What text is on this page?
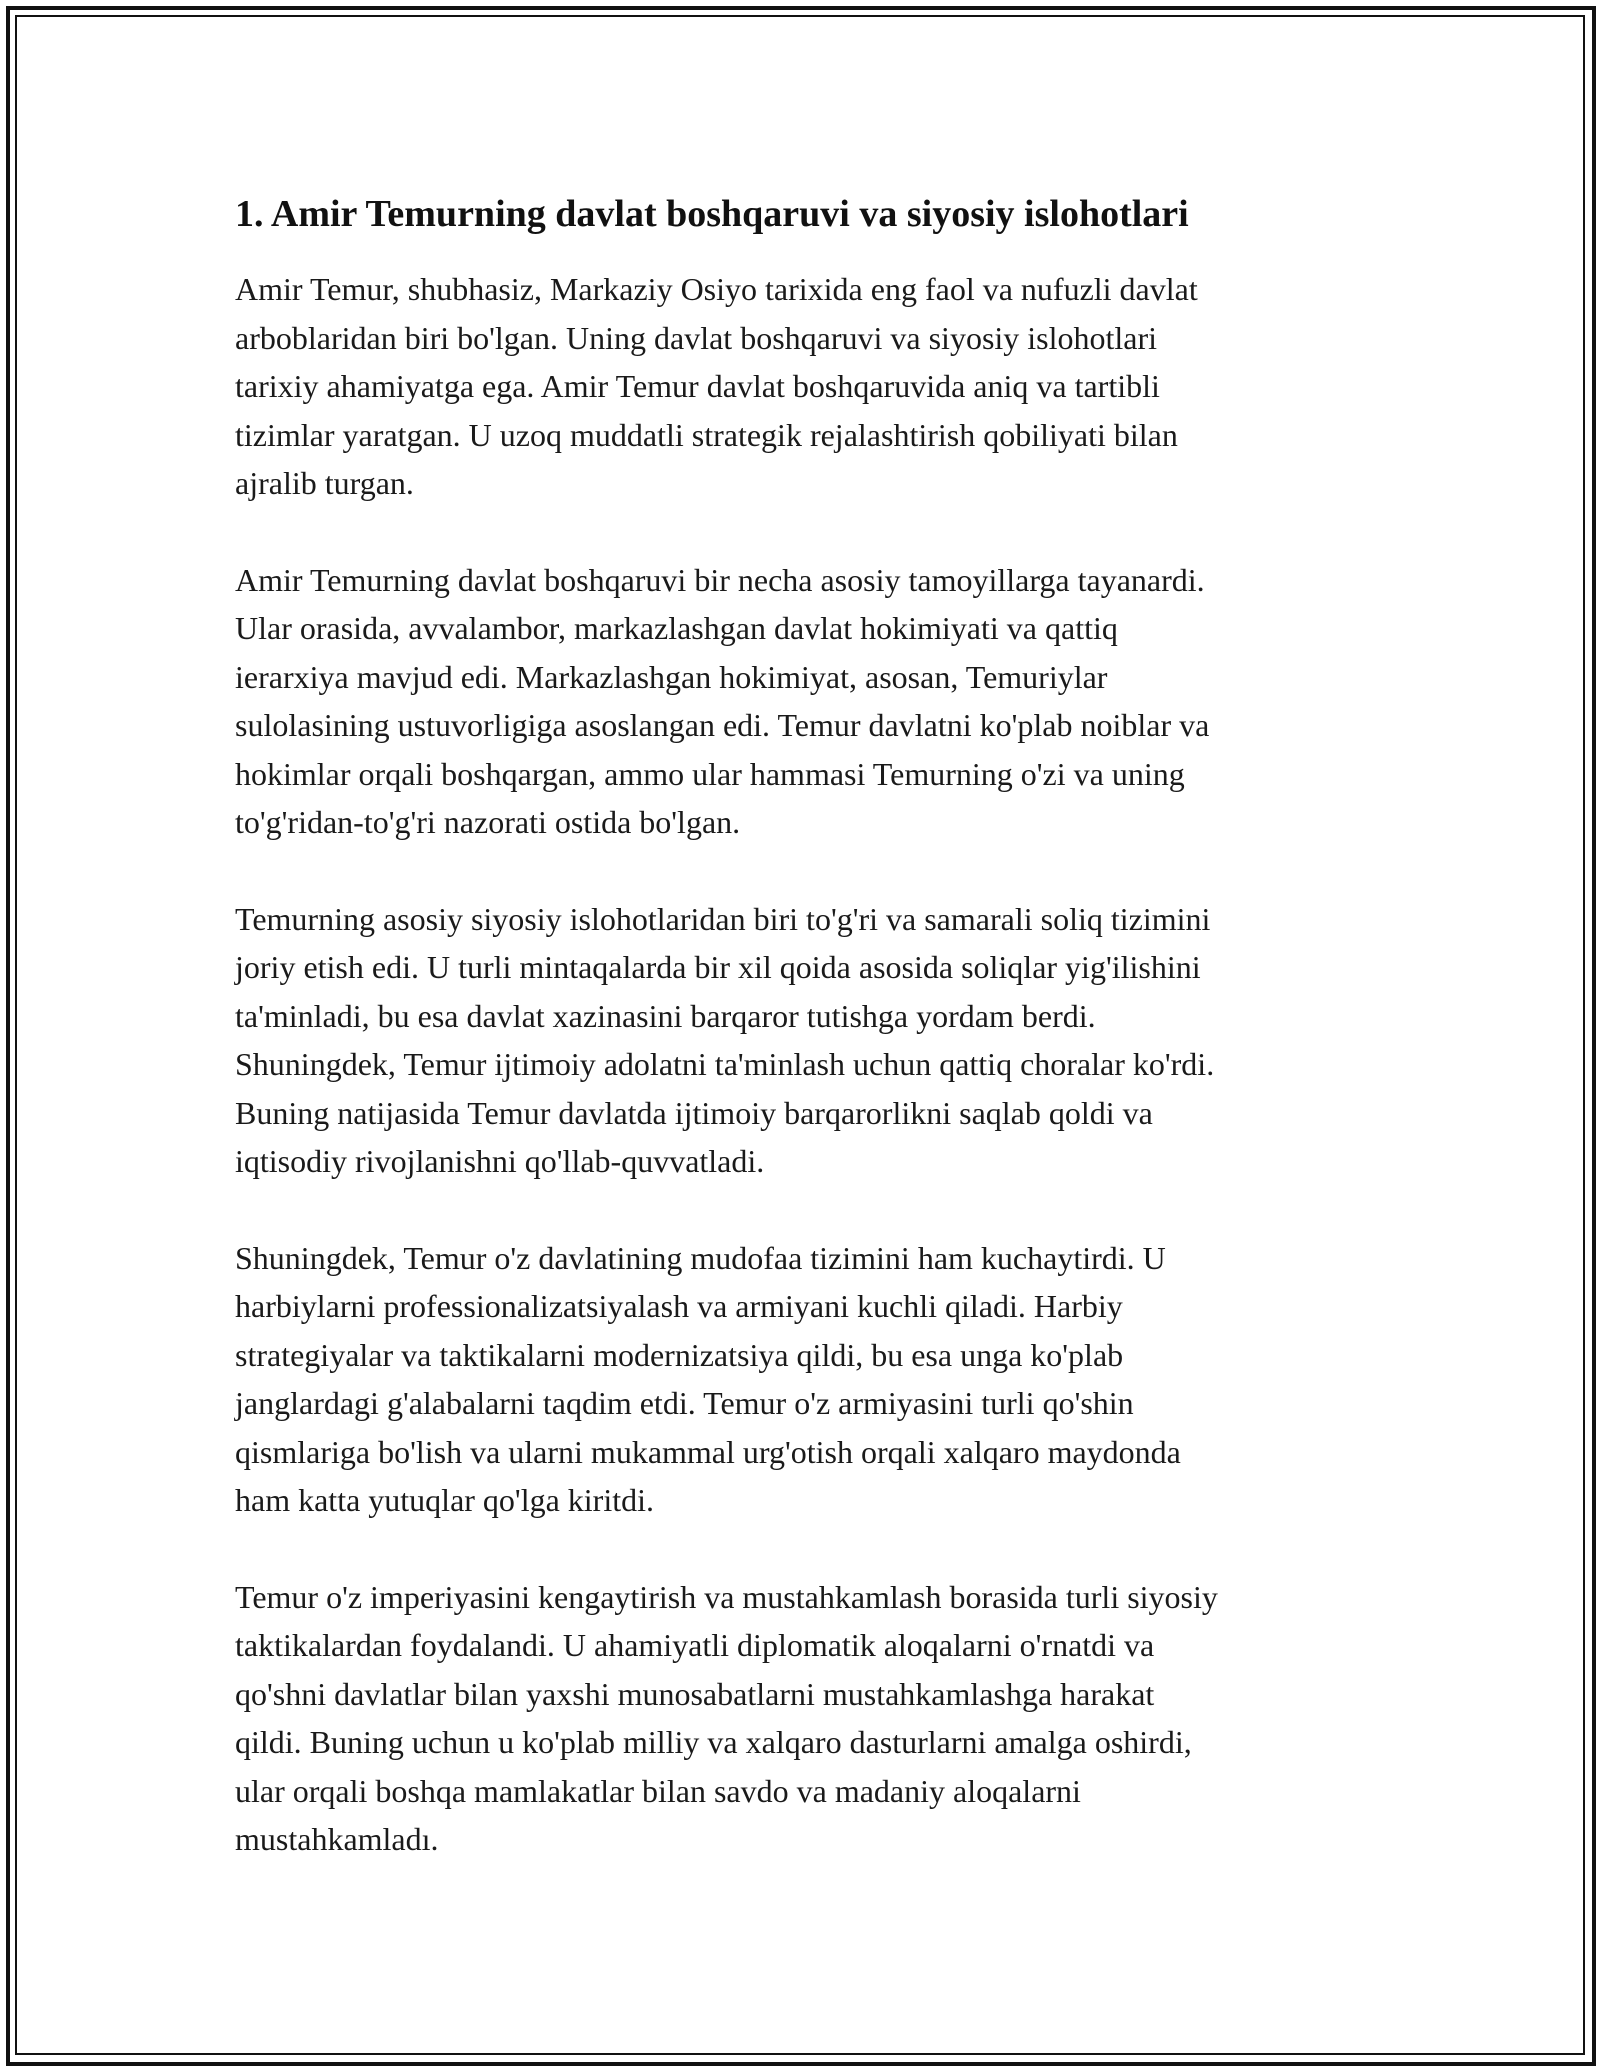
1. Amir Temurning davlat boshqaruvi va siyosiy islohotlari

Amir Temur, shubhasiz, Markaziy Osiyo tarixida eng faol va nufuzli davlat
arboblaridan biri bo'lgan. Uning davlat boshqaruvi va siyosiy islohotlari
tarixiy ahamiyatga ega. Amir Temur davlat boshqaruvida aniq va tartibli
tizimlar yaratgan. U uzoq muddatli strategik rejalashtirish qobiliyati bilan
ajralib turgan.

Amir Temurning davlat boshqaruvi bir necha asosiy tamoyillarga tayanardi.
Ular orasida, avvalambor, markazlashgan davlat hokimiyati va qattiq
ierarxiya mavjud edi. Markazlashgan hokimiyat, asosan, Temuriylar
sulolasining ustuvorligiga asoslangan edi. Temur davlatni ko'plab noiblar va
hokimlar orqali boshqargan, ammo ular hammasi Temurning o'zi va uning
to'g'ridan-to'g'ri nazorati ostida bo'lgan.

Temurning asosiy siyosiy islohotlaridan biri to'g'ri va samarali soliq tizimini
joriy etish edi. U turli mintaqalarda bir xil qoida asosida soliqlar yig'ilishini
ta'minladi, bu esa davlat xazinasini barqaror tutishga yordam berdi.
Shuningdek, Temur ijtimoiy adolatni ta'minlash uchun qattiq choralar ko'rdi.
Buning natijasida Temur davlatda ijtimoiy barqarorlikni saqlab qoldi va
iqtisodiy rivojlanishni qo'llab-quvvatladi.

Shuningdek, Temur o'z davlatining mudofaa tizimini ham kuchaytirdi. U
harbiylarni professionalizatsiyalash va armiyani kuchli qiladi. Harbiy
strategiyalar va taktikalarni modernizatsiya qildi, bu esa unga ko'plab
janglardagi g'alabalarni taqdim etdi. Temur o'z armiyasini turli qo'shin
qismlariga bo'lish va ularni mukammal urg'otish orqali xalqaro maydonda
ham katta yutuqlar qo'lga kiritdi.

Temur o'z imperiyasini kengaytirish va mustahkamlash borasida turli siyosiy
taktikalardan foydalandi. U ahamiyatli diplomatik aloqalarni o'rnatdi va
qo'shni davlatlar bilan yaxshi munosabatlarni mustahkamlashga harakat
qildi. Buning uchun u ko'plab milliy va xalqaro dasturlarni amalga oshirdi,
ular orqali boshqa mamlakatlar bilan savdo va madaniy aloqalarni
mustahkamladı.
